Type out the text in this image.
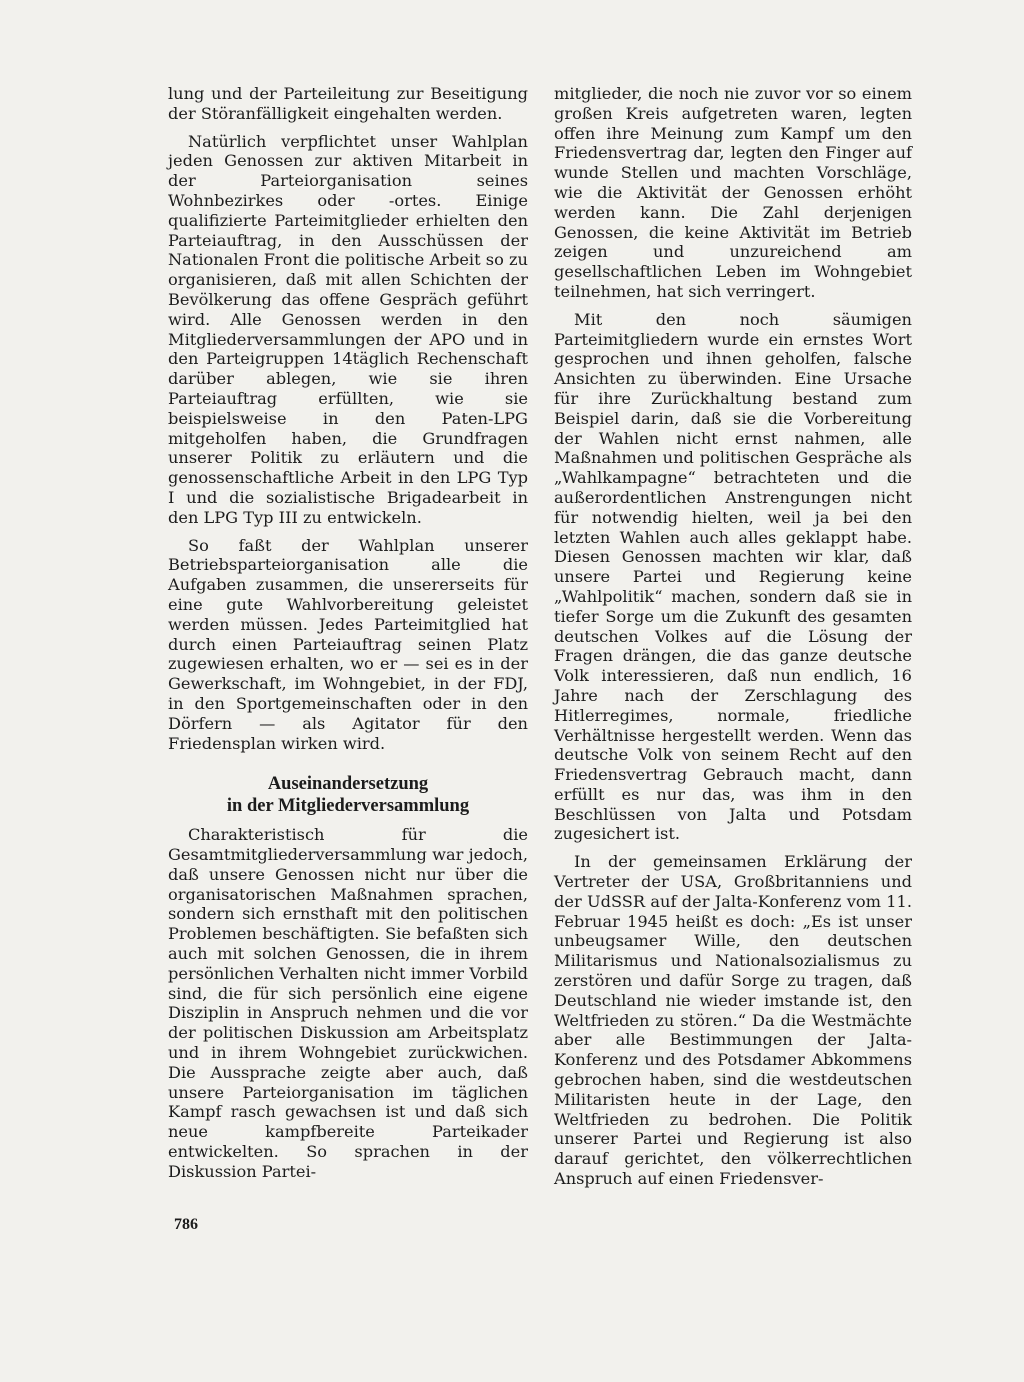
lung und der Parteileitung zur Beseitigung der Störanfälligkeit eingehalten werden.

Natürlich verpflichtet unser Wahlplan jeden Genossen zur aktiven Mitarbeit in der Parteiorganisation seines Wohnbezirkes oder -ortes. Einige qualifizierte Parteimitglieder erhielten den Parteiauftrag, in den Ausschüssen der Nationalen Front die politische Arbeit so zu organisieren, daß mit allen Schichten der Bevölkerung das offene Gespräch geführt wird. Alle Genossen werden in den Mitgliederversammlungen der APO und in den Parteigruppen 14täglich Rechenschaft darüber ablegen, wie sie ihren Parteiauftrag erfüllten, wie sie beispielsweise in den Paten-LPG mitgeholfen haben, die Grundfragen unserer Politik zu erläutern und die genossenschaftliche Arbeit in den LPG Typ I und die sozialistische Brigadearbeit in den LPG Typ III zu entwickeln.

So faßt der Wahlplan unserer Betriebsparteiorganisation alle die Aufgaben zusammen, die unsererseits für eine gute Wahlvorbereitung geleistet werden müssen. Jedes Parteimitglied hat durch einen Parteiauftrag seinen Platz zugewiesen erhalten, wo er — sei es in der Gewerkschaft, im Wohngebiet, in der FDJ, in den Sportgemeinschaften oder in den Dörfern — als Agitator für den Friedensplan wirken wird.

Auseinandersetzung
in der Mitgliederversammlung

Charakteristisch für die Gesamtmitgliederversammlung war jedoch, daß unsere Genossen nicht nur über die organisatorischen Maßnahmen sprachen, sondern sich ernsthaft mit den politischen Problemen beschäftigten. Sie befaßten sich auch mit solchen Genossen, die in ihrem persönlichen Verhalten nicht immer Vorbild sind, die für sich persönlich eine eigene Disziplin in Anspruch nehmen und die vor der politischen Diskussion am Arbeitsplatz und in ihrem Wohngebiet zurückwichen. Die Aussprache zeigte aber auch, daß unsere Parteiorganisation im täglichen Kampf rasch gewachsen ist und daß sich neue kampfbereite Parteikader entwickelten. So sprachen in der Diskussion Partei-

mitglieder, die noch nie zuvor vor so einem großen Kreis aufgetreten waren, legten offen ihre Meinung zum Kampf um den Friedensvertrag dar, legten den Finger auf wunde Stellen und machten Vorschläge, wie die Aktivität der Genossen erhöht werden kann. Die Zahl derjenigen Genossen, die keine Aktivität im Betrieb zeigen und unzureichend am gesellschaftlichen Leben im Wohngebiet teilnehmen, hat sich verringert.

Mit den noch säumigen Parteimitgliedern wurde ein ernstes Wort gesprochen und ihnen geholfen, falsche Ansichten zu überwinden. Eine Ursache für ihre Zurückhaltung bestand zum Beispiel darin, daß sie die Vorbereitung der Wahlen nicht ernst nahmen, alle Maßnahmen und politischen Gespräche als „Wahlkampagne“ betrachteten und die außerordentlichen Anstrengungen nicht für notwendig hielten, weil ja bei den letzten Wahlen auch alles geklappt habe. Diesen Genossen machten wir klar, daß unsere Partei und Regierung keine „Wahlpolitik“ machen, sondern daß sie in tiefer Sorge um die Zukunft des gesamten deutschen Volkes auf die Lösung der Fragen drängen, die das ganze deutsche Volk interessieren, daß nun endlich, 16 Jahre nach der Zerschlagung des Hitlerregimes, normale, friedliche Verhältnisse hergestellt werden. Wenn das deutsche Volk von seinem Recht auf den Friedensvertrag Gebrauch macht, dann erfüllt es nur das, was ihm in den Beschlüssen von Jalta und Potsdam zugesichert ist.

In der gemeinsamen Erklärung der Vertreter der USA, Großbritanniens und der UdSSR auf der Jalta-Konferenz vom 11. Februar 1945 heißt es doch: „Es ist unser unbeugsamer Wille, den deutschen Militarismus und Nationalsozialismus zu zerstören und dafür Sorge zu tragen, daß Deutschland nie wieder imstande ist, den Weltfrieden zu stören.“ Da die Westmächte aber alle Bestimmungen der Jalta-Konferenz und des Potsdamer Abkommens gebrochen haben, sind die westdeutschen Militaristen heute in der Lage, den Weltfrieden zu bedrohen. Die Politik unserer Partei und Regierung ist also darauf gerichtet, den völkerrechtlichen Anspruch auf einen Friedensver-

786
